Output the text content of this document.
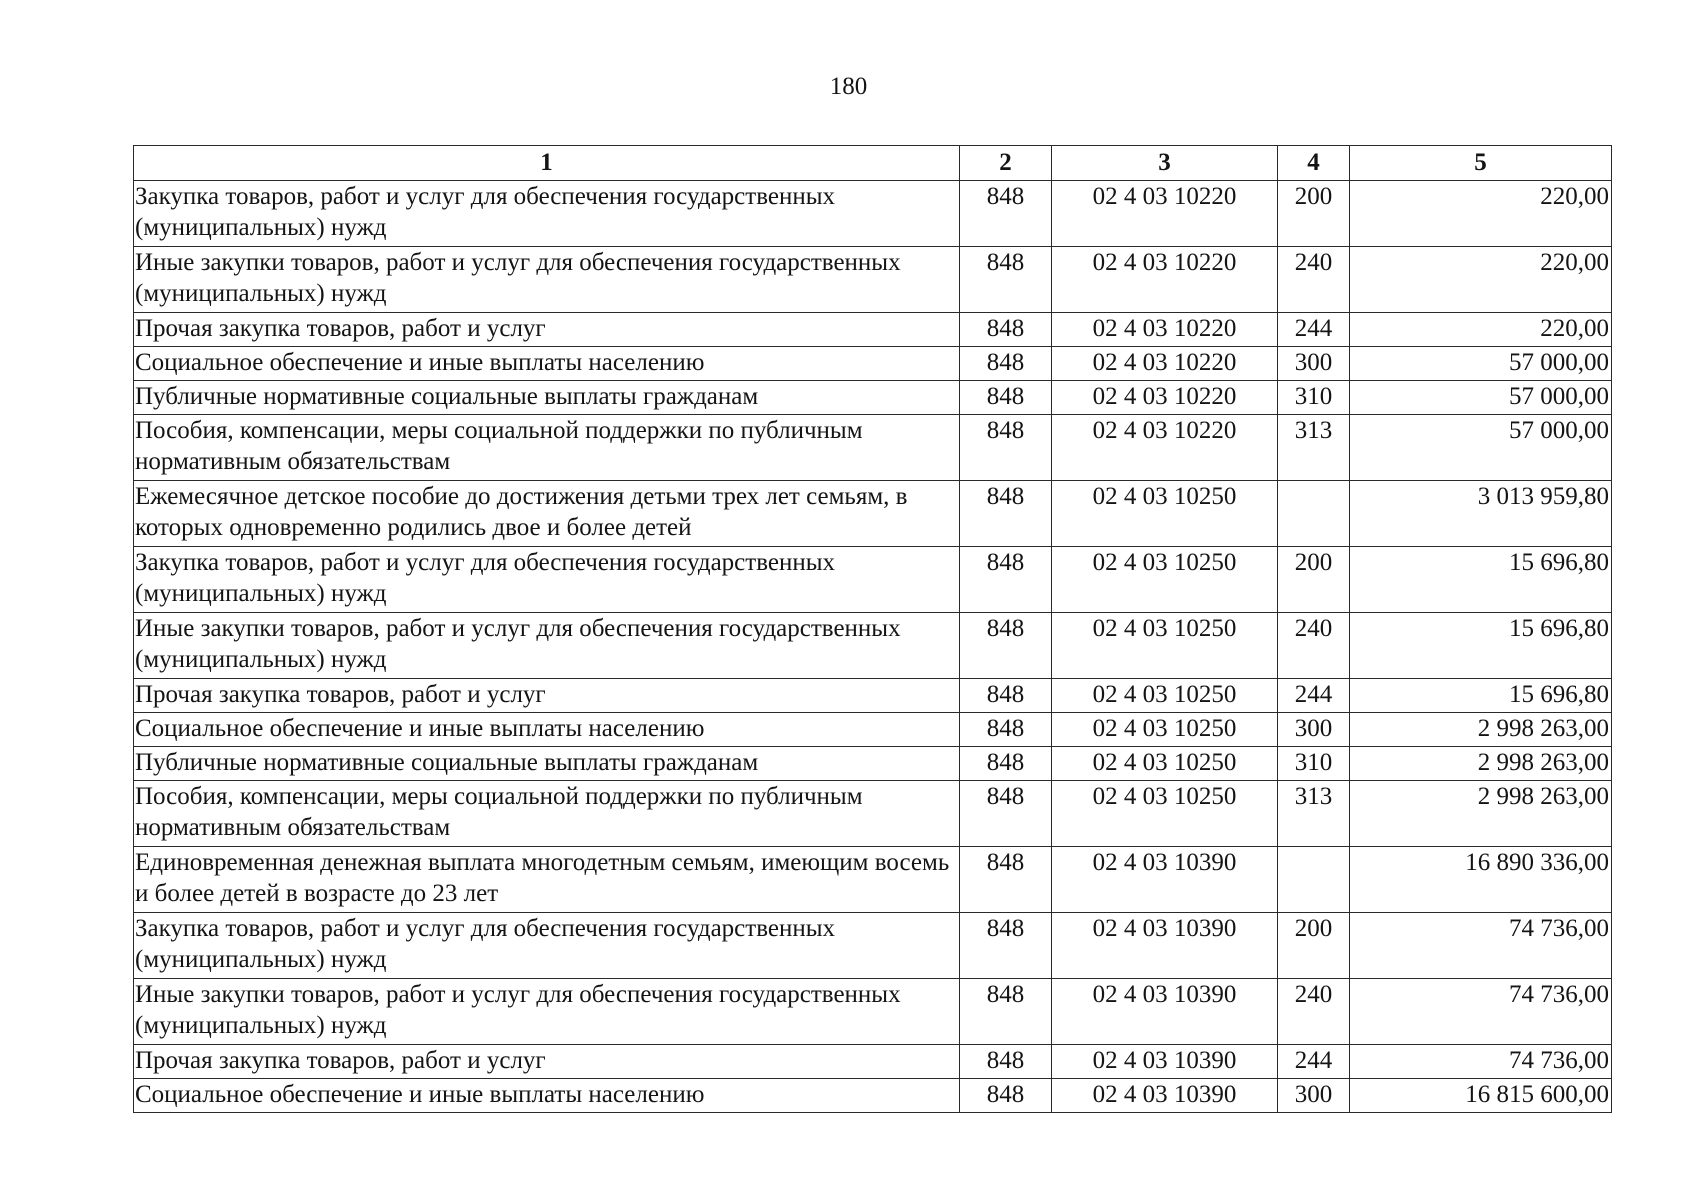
180
1	2	3	4	5
Закупка товаров, работ и услуг для обеспечения государственных (муниципальных) нужд	848	02 4 03 10220	200	220,00
Иные закупки товаров, работ и услуг для обеспечения государственных (муниципальных) нужд	848	02 4 03 10220	240	220,00
Прочая закупка товаров, работ и услуг	848	02 4 03 10220	244	220,00
Социальное обеспечение и иные выплаты населению	848	02 4 03 10220	300	57 000,00
Публичные нормативные социальные выплаты гражданам	848	02 4 03 10220	310	57 000,00
Пособия, компенсации, меры социальной поддержки по публичным нормативным обязательствам	848	02 4 03 10220	313	57 000,00
Ежемесячное детское пособие до достижения детьми трех лет семьям, в которых одновременно родились двое и более детей	848	02 4 03 10250		3 013 959,80
Закупка товаров, работ и услуг для обеспечения государственных (муниципальных) нужд	848	02 4 03 10250	200	15 696,80
Иные закупки товаров, работ и услуг для обеспечения государственных (муниципальных) нужд	848	02 4 03 10250	240	15 696,80
Прочая закупка товаров, работ и услуг	848	02 4 03 10250	244	15 696,80
Социальное обеспечение и иные выплаты населению	848	02 4 03 10250	300	2 998 263,00
Публичные нормативные социальные выплаты гражданам	848	02 4 03 10250	310	2 998 263,00
Пособия, компенсации, меры социальной поддержки по публичным нормативным обязательствам	848	02 4 03 10250	313	2 998 263,00
Единовременная денежная выплата многодетным семьям, имеющим восемь и более детей в возрасте до 23 лет	848	02 4 03 10390		16 890 336,00
Закупка товаров, работ и услуг для обеспечения государственных (муниципальных) нужд	848	02 4 03 10390	200	74 736,00
Иные закупки товаров, работ и услуг для обеспечения государственных (муниципальных) нужд	848	02 4 03 10390	240	74 736,00
Прочая закупка товаров, работ и услуг	848	02 4 03 10390	244	74 736,00
Социальное обеспечение и иные выплаты населению	848	02 4 03 10390	300	16 815 600,00
